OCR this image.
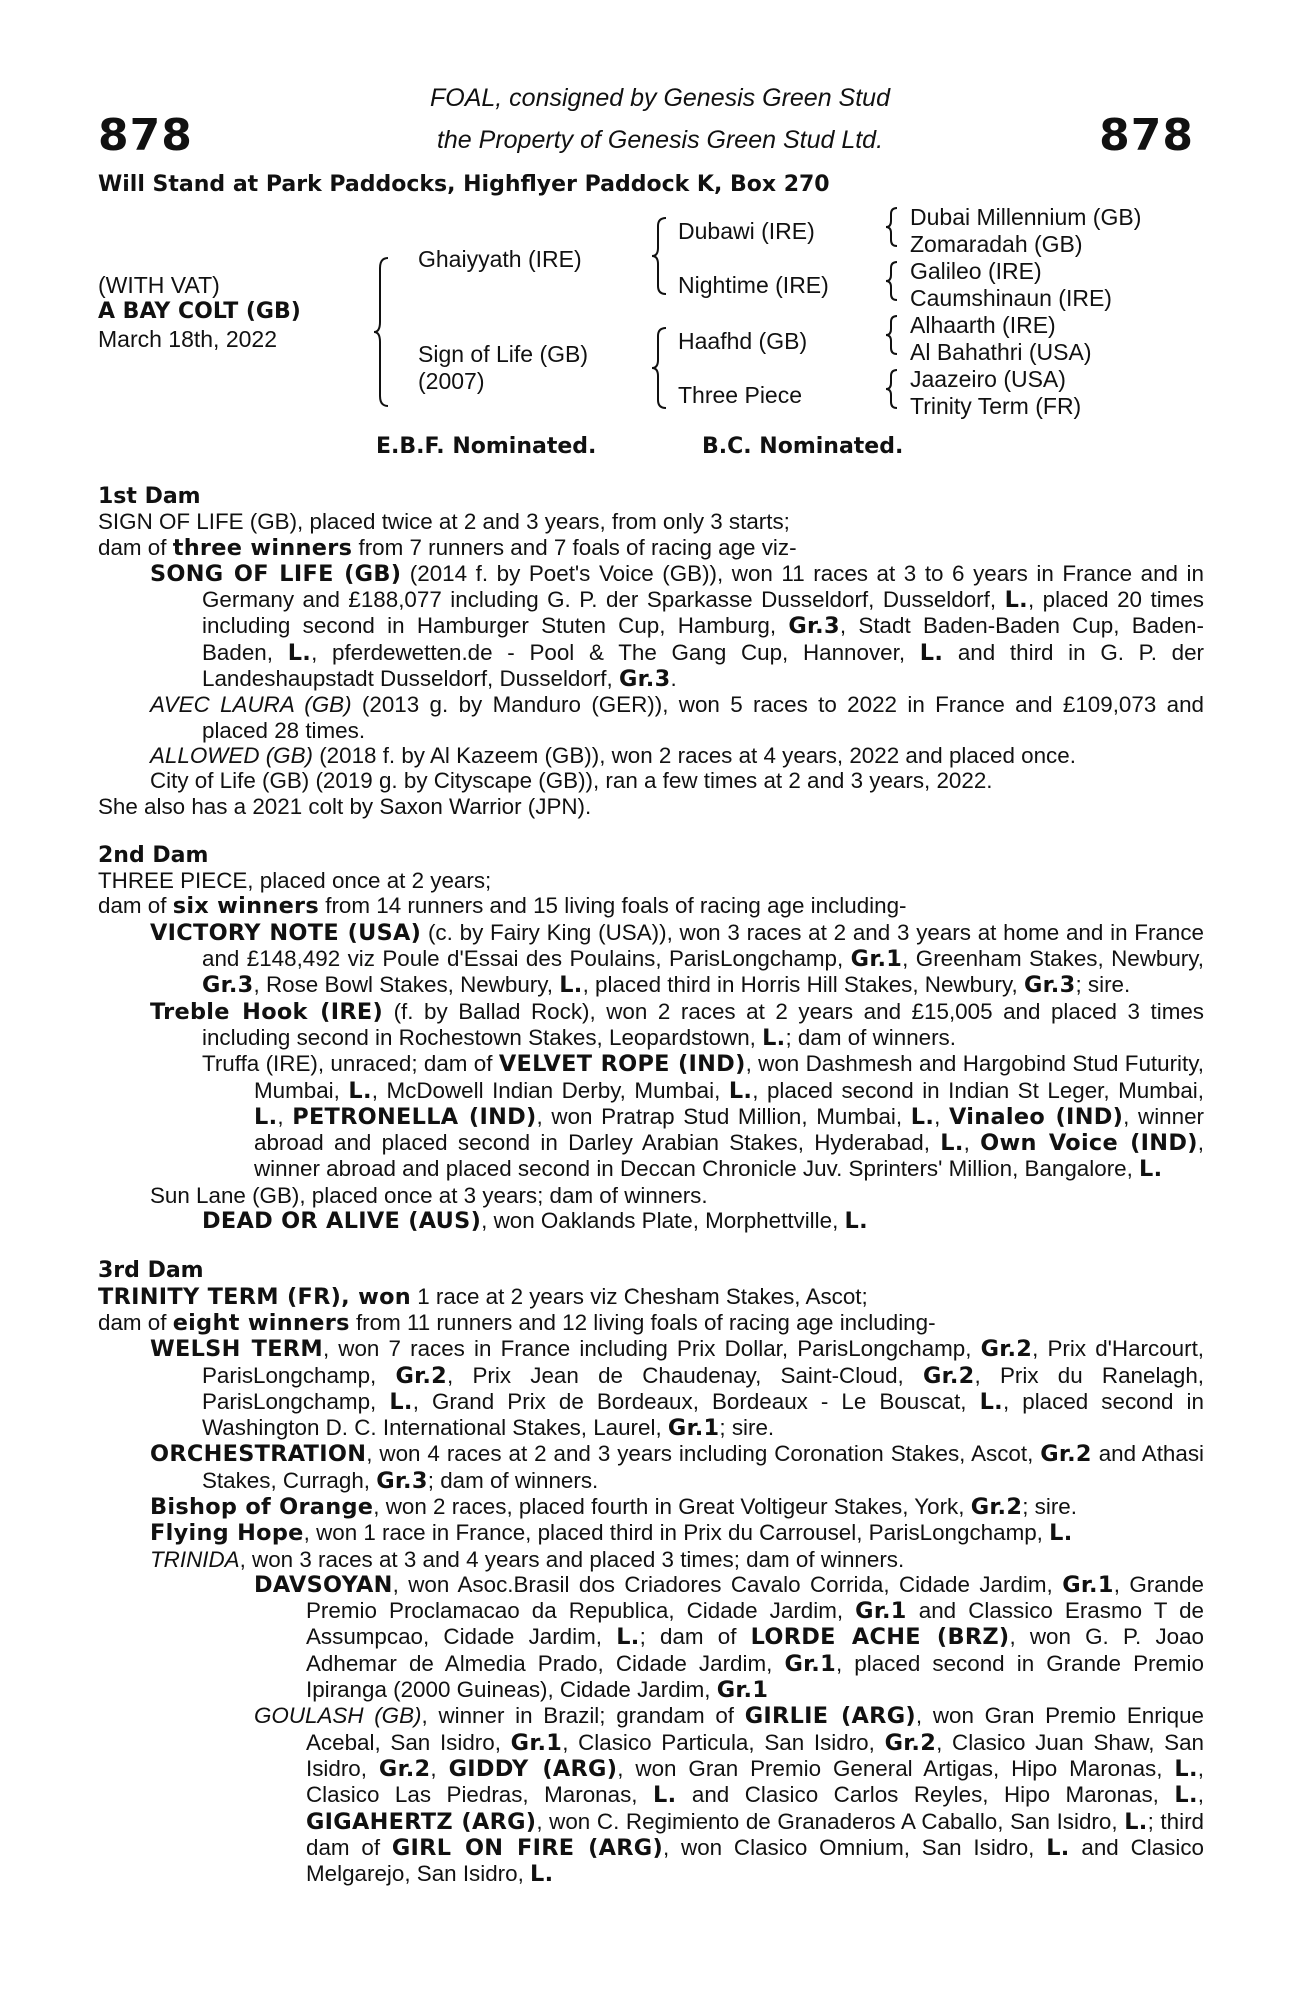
878	878
FOAL, consigned by Genesis Green Stud
the Property of Genesis Green Stud Ltd.
Will Stand at Park Paddocks, Highflyer Paddock K, Box 270
(WITH VAT)
A BAY COLT (GB)
March 18th, 2022
Ghaiyyath (IRE)
Sign of Life (GB)
(2007)
Dubawi (IRE)
Nightime (IRE)
Haafhd (GB)
Three Piece
Dubai Millennium (GB)
Zomaradah (GB)
Galileo (IRE)
Caumshinaun (IRE)
Alhaarth (IRE)
Al Bahathri (USA)
Jaazeiro (USA)
Trinity Term (FR)
E.B.F. Nominated.	B.C. Nominated.
1st Dam

SIGN OF LIFE (GB), placed twice at 2 and 3 years, from only 3 starts;

dam of three winners from 7 runners and 7 foals of racing age viz-

SONG OF LIFE (GB) (2014 f. by Poet's Voice (GB)), won 11 races at 3 to 6 years in France and in Germany and £188,077 including G. P. der Sparkasse Dusseldorf, Dusseldorf, L., placed 20 times including second in Hamburger Stuten Cup, Hamburg, Gr.3, Stadt Baden-Baden Cup, Baden-Baden, L., pferdewetten.de - Pool & The Gang Cup, Hannover, L. and third in G. P. der Landeshaupstadt Dusseldorf, Dusseldorf, Gr.3.

AVEC LAURA (GB) (2013 g. by Manduro (GER)), won 5 races to 2022 in France and £109,073 and placed 28 times.

ALLOWED (GB) (2018 f. by Al Kazeem (GB)), won 2 races at 4 years, 2022 and placed once.

City of Life (GB) (2019 g. by Cityscape (GB)), ran a few times at 2 and 3 years, 2022.

She also has a 2021 colt by Saxon Warrior (JPN).

2nd Dam

THREE PIECE, placed once at 2 years;

dam of six winners from 14 runners and 15 living foals of racing age including-

VICTORY NOTE (USA) (c. by Fairy King (USA)), won 3 races at 2 and 3 years at home and in France and £148,492 viz Poule d'Essai des Poulains, ParisLongchamp, Gr.1, Greenham Stakes, Newbury, Gr.3, Rose Bowl Stakes, Newbury, L., placed third in Horris Hill Stakes, Newbury, Gr.3; sire.

Treble Hook (IRE) (f. by Ballad Rock), won 2 races at 2 years and £15,005 and placed 3 times including second in Rochestown Stakes, Leopardstown, L.; dam of winners.

Truffa (IRE), unraced; dam of VELVET ROPE (IND), won Dashmesh and Hargobind Stud Futurity, Mumbai, L., McDowell Indian Derby, Mumbai, L., placed second in Indian St Leger, Mumbai, L., PETRONELLA (IND), won Pratrap Stud Million, Mumbai, L., Vinaleo (IND), winner abroad and placed second in Darley Arabian Stakes, Hyderabad, L., Own Voice (IND), winner abroad and placed second in Deccan Chronicle Juv. Sprinters' Million, Bangalore, L.

Sun Lane (GB), placed once at 3 years; dam of winners.

DEAD OR ALIVE (AUS), won Oaklands Plate, Morphettville, L.

3rd Dam

TRINITY TERM (FR), won 1 race at 2 years viz Chesham Stakes, Ascot;

dam of eight winners from 11 runners and 12 living foals of racing age including-

WELSH TERM, won 7 races in France including Prix Dollar, ParisLongchamp, Gr.2, Prix d'Harcourt, ParisLongchamp, Gr.2, Prix Jean de Chaudenay, Saint-Cloud, Gr.2, Prix du Ranelagh, ParisLongchamp, L., Grand Prix de Bordeaux, Bordeaux - Le Bouscat, L., placed second in Washington D. C. International Stakes, Laurel, Gr.1; sire.

ORCHESTRATION, won 4 races at 2 and 3 years including Coronation Stakes, Ascot, Gr.2 and Athasi Stakes, Curragh, Gr.3; dam of winners.

Bishop of Orange, won 2 races, placed fourth in Great Voltigeur Stakes, York, Gr.2; sire.

Flying Hope, won 1 race in France, placed third in Prix du Carrousel, ParisLongchamp, L.

TRINIDA, won 3 races at 3 and 4 years and placed 3 times; dam of winners.

DAVSOYAN, won Asoc.Brasil dos Criadores Cavalo Corrida, Cidade Jardim, Gr.1, Grande Premio Proclamacao da Republica, Cidade Jardim, Gr.1 and Classico Erasmo T de Assumpcao, Cidade Jardim, L.; dam of LORDE ACHE (BRZ), won G. P. Joao Adhemar de Almedia Prado, Cidade Jardim, Gr.1, placed second in Grande Premio Ipiranga (2000 Guineas), Cidade Jardim, Gr.1

GOULASH (GB), winner in Brazil; grandam of GIRLIE (ARG), won Gran Premio Enrique Acebal, San Isidro, Gr.1, Clasico Particula, San Isidro, Gr.2, Clasico Juan Shaw, San Isidro, Gr.2, GIDDY (ARG), won Gran Premio General Artigas, Hipo Maronas, L., Clasico Las Piedras, Maronas, L. and Clasico Carlos Reyles, Hipo Maronas, L., GIGAHERTZ (ARG), won C. Regimiento de Granaderos A Caballo, San Isidro, L.; third dam of GIRL ON FIRE (ARG), won Clasico Omnium, San Isidro, L. and Clasico Melgarejo, San Isidro, L.
